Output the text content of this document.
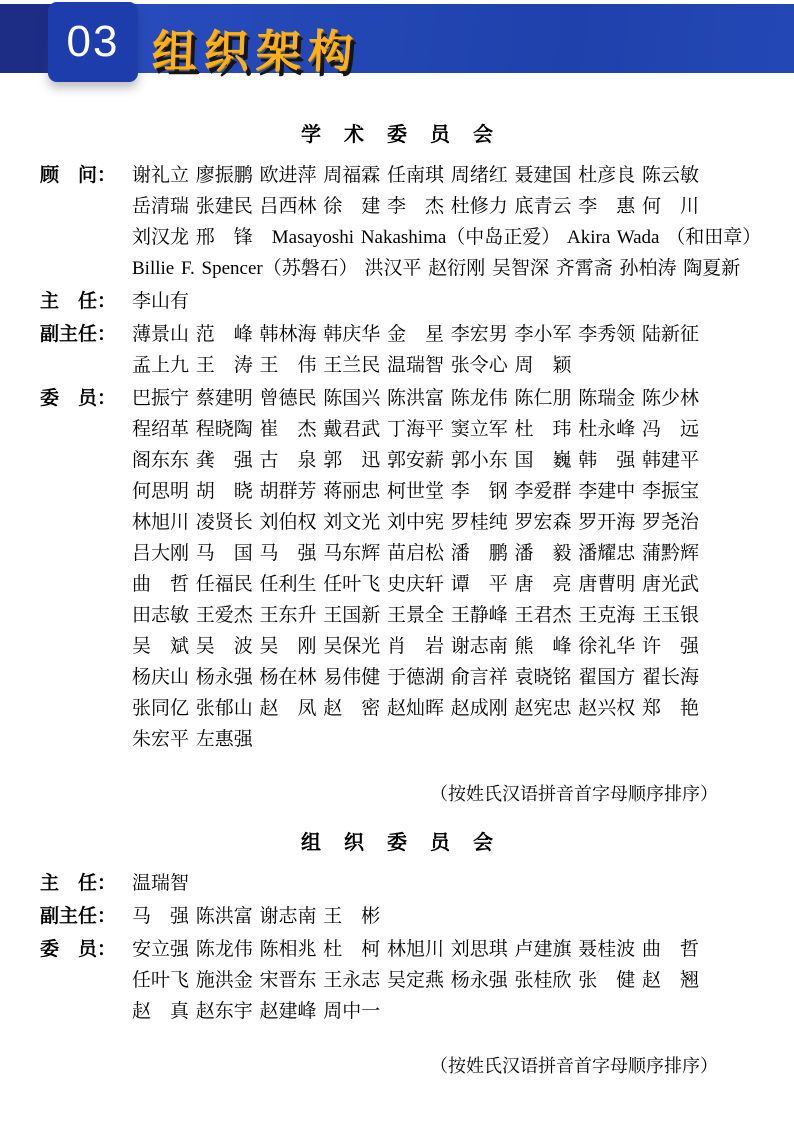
组织架构
03
学 术 委 员 会
顾　问： 谢礼立 廖振鹏 欧进萍 周福霖 任南琪 周绪红 聂建国 杜彦良 陈云敏
岳清瑞 张建民 吕西林 徐　建 李　杰 杜修力 底青云 李　惠 何　川
刘汉龙 邢　锋　Masayoshi Nakashima（中岛正爱） Akira Wada （和田章）
Billie F. Spencer（苏磐石） 洪汉平 赵衍刚 吴智深 齐霄斋 孙柏涛 陶夏新
主　任： 李山有
副主任： 薄景山 范　峰 韩林海 韩庆华 金　星 李宏男 李小军 李秀领 陆新征
孟上九 王　涛 王　伟 王兰民 温瑞智 张令心 周　颖
委　员： 巴振宁 蔡建明 曾德民 陈国兴 陈洪富 陈龙伟 陈仁朋 陈瑞金 陈少林
程绍革 程晓陶 崔　杰 戴君武 丁海平 窦立军 杜　玮 杜永峰 冯　远
阁东东 龚　强 古　泉 郭　迅 郭安薪 郭小东 国　巍 韩　强 韩建平
何思明 胡　晓 胡群芳 蒋丽忠 柯世堂 李　钢 李爱群 李建中 李振宝
林旭川 凌贤长 刘伯权 刘文光 刘中宪 罗桂纯 罗宏森 罗开海 罗尧治
吕大刚 马　国 马　强 马东辉 苗启松 潘　鹏 潘　毅 潘耀忠 蒲黔辉
曲　哲 任福民 任利生 任叶飞 史庆轩 谭　平 唐　亮 唐曹明 唐光武
田志敏 王爱杰 王东升 王国新 王景全 王静峰 王君杰 王克海 王玉银
吴　斌 吴　波 吴　刚 吴保光 肖　岩 谢志南 熊　峰 徐礼华 许　强
杨庆山 杨永强 杨在林 易伟健 于德湖 俞言祥 袁晓铭 翟国方 翟长海
张同亿 张郁山 赵　凤 赵　密 赵灿晖 赵成刚 赵宪忠 赵兴权 郑　艳
朱宏平 左惠强
（按姓氏汉语拼音首字母顺序排序）
组 织 委 员 会
主　任： 温瑞智
副主任： 马　强 陈洪富 谢志南 王　彬
委　员： 安立强 陈龙伟 陈相兆 杜　柯 林旭川 刘思琪 卢建旗 聂桂波 曲　哲
任叶飞 施洪金 宋晋东 王永志 吴定燕 杨永强 张桂欣 张　健 赵　翘
赵　真 赵东宇 赵建峰 周中一
（按姓氏汉语拼音首字母顺序排序）
